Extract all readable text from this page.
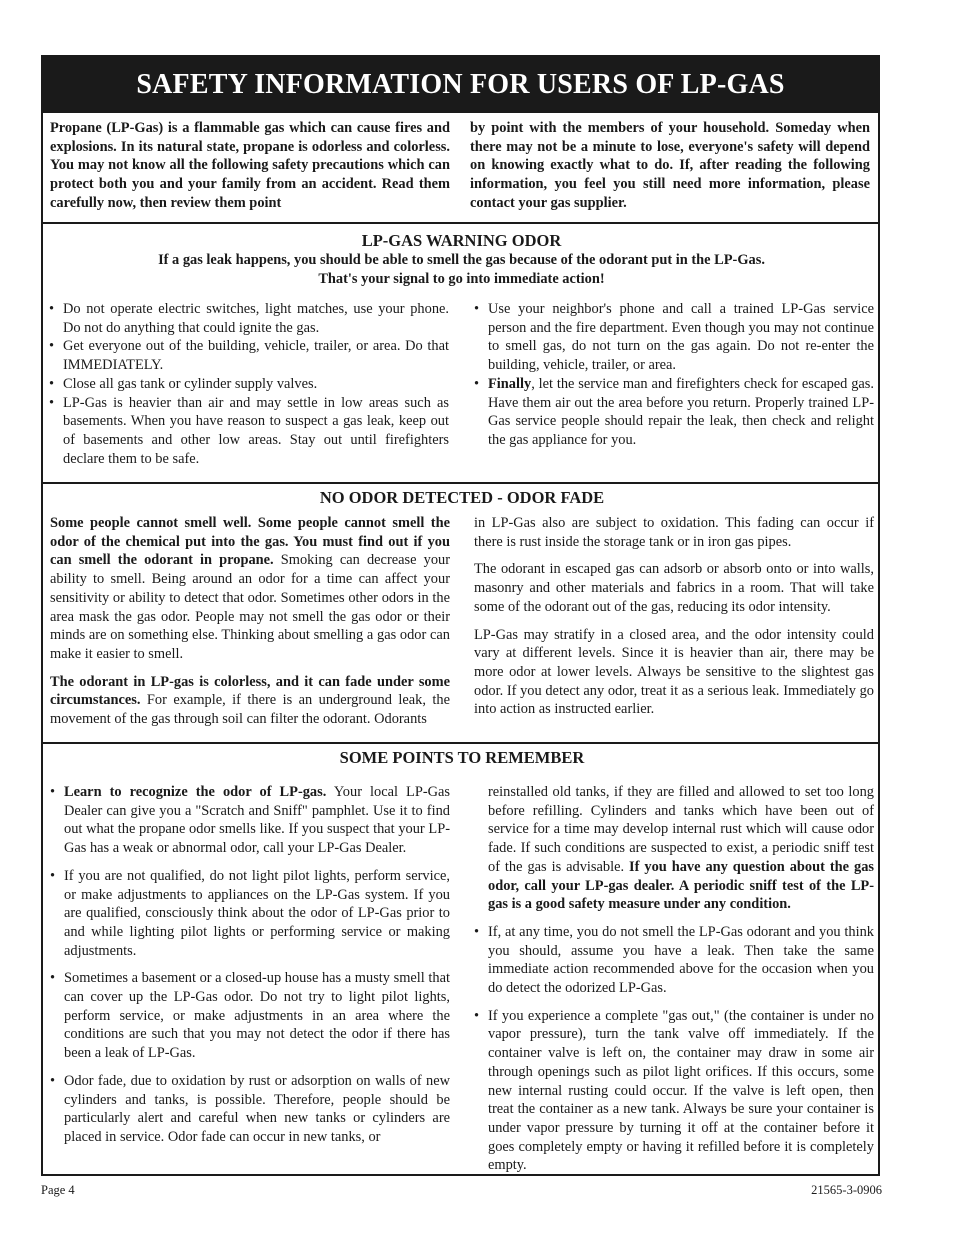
SAFETY INFORMATION FOR USERS OF LP-GAS

Propane (LP-Gas) is a flammable gas which can cause fires and explosions. In its natural state, propane is odorless and colorless. You may not know all the following safety precautions which can protect both you and your family from an accident. Read them carefully now, then review them point

by point with the members of your household. Someday when there may not be a minute to lose, everyone's safety will depend on knowing exactly what to do. If, after reading the following information, you feel you still need more information, please contact your gas supplier.

LP-GAS WARNING ODOR
If a gas leak happens, you should be able to smell the gas because of the odorant put in the LP-Gas.
That's your signal to go into immediate action!
• Do not operate electric switches, light matches, use your phone. Do not do anything that could ignite the gas.
• Get everyone out of the building, vehicle, trailer, or area. Do that IMMEDIATELY.
• Close all gas tank or cylinder supply valves.
• LP-Gas is heavier than air and may settle in low areas such as basements. When you have reason to suspect a gas leak, keep out of basements and other low areas. Stay out until firefighters declare them to be safe.
• Use your neighbor's phone and call a trained LP-Gas service person and the fire department. Even though you may not continue to smell gas, do not turn on the gas again. Do not re-enter the building, vehicle, trailer, or area.
• Finally, let the service man and firefighters check for escaped gas. Have them air out the area before you return. Properly trained LP-Gas service people should repair the leak, then check and relight the gas appliance for you.
NO ODOR DETECTED - ODOR FADE

Some people cannot smell well. Some people cannot smell the odor of the chemical put into the gas. You must find out if you can smell the odorant in propane. Smoking can decrease your ability to smell. Being around an odor for a time can affect your sensitivity or ability to detect that odor. Sometimes other odors in the area mask the gas odor. People may not smell the gas odor or their minds are on something else. Thinking about smelling a gas odor can make it easier to smell.

The odorant in LP-gas is colorless, and it can fade under some circumstances. For example, if there is an underground leak, the movement of the gas through soil can filter the odorant. Odorants

in LP-Gas also are subject to oxidation. This fading can occur if there is rust inside the storage tank or in iron gas pipes.

The odorant in escaped gas can adsorb or absorb onto or into walls, masonry and other materials and fabrics in a room. That will take some of the odorant out of the gas, reducing its odor intensity.

LP-Gas may stratify in a closed area, and the odor intensity could vary at different levels. Since it is heavier than air, there may be more odor at lower levels. Always be sensitive to the slightest gas odor. If you detect any odor, treat it as a serious leak. Immediately go into action as instructed earlier.

SOME POINTS TO REMEMBER
• Learn to recognize the odor of LP-gas. Your local LP-Gas Dealer can give you a "Scratch and Sniff" pamphlet. Use it to find out what the propane odor smells like. If you suspect that your LP-Gas has a weak or abnormal odor, call your LP-Gas Dealer.
• If you are not qualified, do not light pilot lights, perform service, or make adjustments to appliances on the LP-Gas system. If you are qualified, consciously think about the odor of LP-Gas prior to and while lighting pilot lights or performing service or making adjustments.
• Sometimes a basement or a closed-up house has a musty smell that can cover up the LP-Gas odor. Do not try to light pilot lights, perform service, or make adjustments in an area where the conditions are such that you may not detect the odor if there has been a leak of LP-Gas.
• Odor fade, due to oxidation by rust or adsorption on walls of new cylinders and tanks, is possible. Therefore, people should be particularly alert and careful when new tanks or cylinders are placed in service. Odor fade can occur in new tanks, or
reinstalled old tanks, if they are filled and allowed to set too long before refilling. Cylinders and tanks which have been out of service for a time may develop internal rust which will cause odor fade. If such conditions are suspected to exist, a periodic sniff test of the gas is advisable. If you have any question about the gas odor, call your LP-gas dealer. A periodic sniff test of the LP-gas is a good safety measure under any condition.
• If, at any time, you do not smell the LP-Gas odorant and you think you should, assume you have a leak. Then take the same immediate action recommended above for the occasion when you do detect the odorized LP-Gas.
• If you experience a complete "gas out," (the container is under no vapor pressure), turn the tank valve off immediately. If the container valve is left on, the container may draw in some air through openings such as pilot light orifices. If this occurs, some new internal rusting could occur. If the valve is left open, then treat the container as a new tank. Always be sure your container is under vapor pressure by turning it off at the container before it goes completely empty or having it refilled before it is completely empty.
Page 4	21565-3-0906
